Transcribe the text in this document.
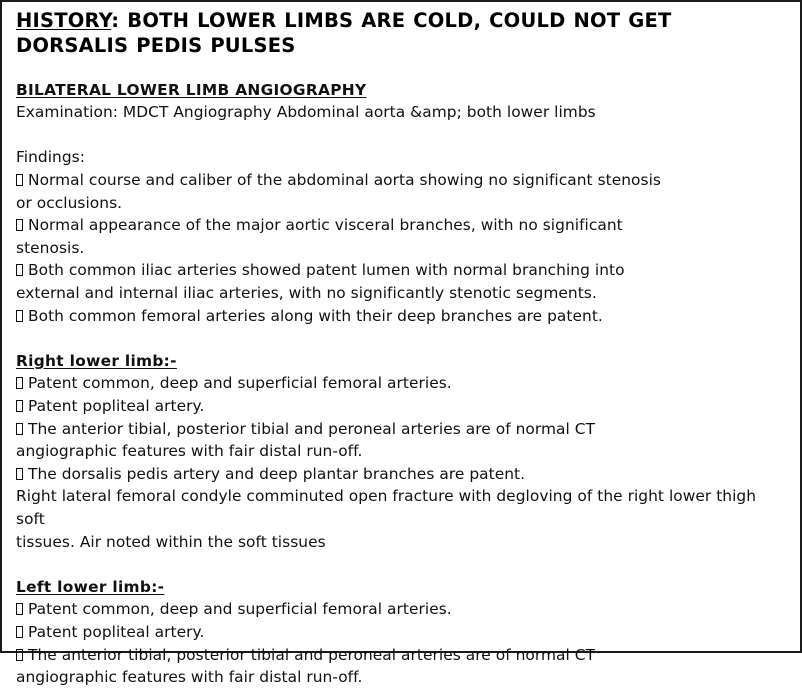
HISTORY: BOTH LOWER LIMBS ARE COLD, COULD NOT GET DORSALIS PEDIS PULSES
BILATERAL LOWER LIMB ANGIOGRAPHY
Examination: MDCT Angiography Abdominal aorta &amp; both lower limbs
Findings:
Normal course and caliber of the abdominal aorta showing no significant stenosis
or occlusions.
Normal appearance of the major aortic visceral branches, with no significant
stenosis.
Both common iliac arteries showed patent lumen with normal branching into
external and internal iliac arteries, with no significantly stenotic segments.
Both common femoral arteries along with their deep branches are patent.
Right lower limb:-
Patent common, deep and superficial femoral arteries.
Patent popliteal artery.
The anterior tibial, posterior tibial and peroneal arteries are of normal CT
angiographic features with fair distal run-off.
The dorsalis pedis artery and deep plantar branches are patent.
Right lateral femoral condyle comminuted open fracture with degloving of the right lower thigh soft
tissues. Air noted within the soft tissues
Left lower limb:-
Patent common, deep and superficial femoral arteries.
Patent popliteal artery.
The anterior tibial, posterior tibial and peroneal arteries are of normal CT
angiographic features with fair distal run-off.
